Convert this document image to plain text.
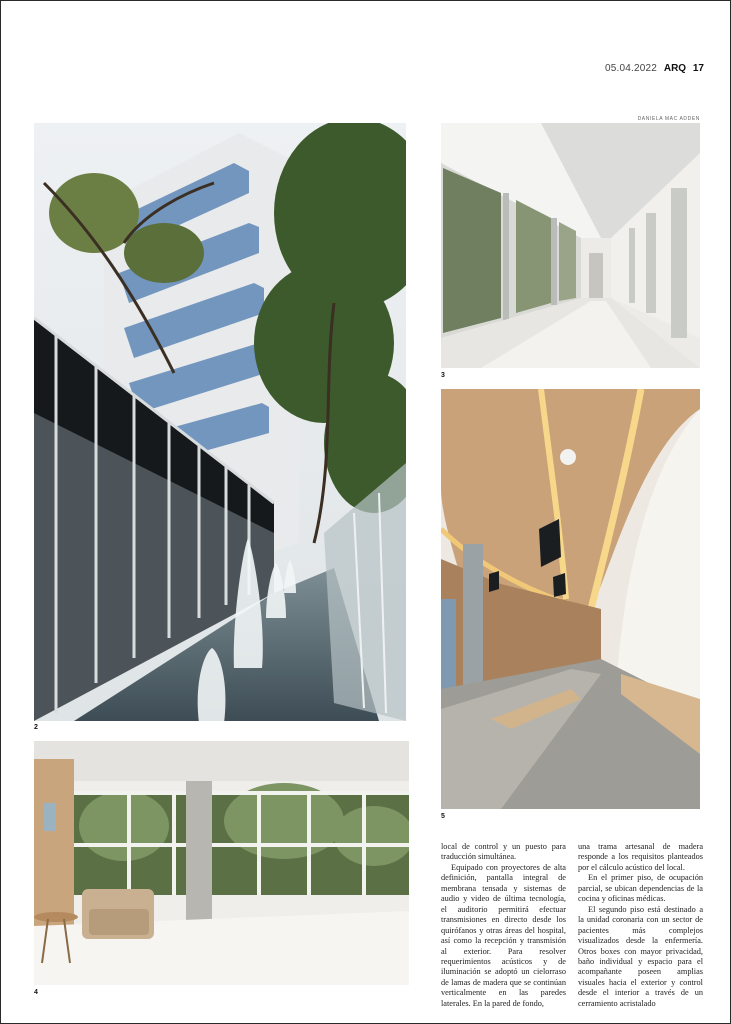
05.04.2022 ARQ 17
DANIELA MAC ADDEN
2
3
4
5

local de control y un puesto para traducción simultánea.

Equipado con proyectores de alta definición, pantalla integral de membrana tensada y sistemas de audio y video de última tecnología, el auditorio permitirá efectuar transmisiones en directo desde los quirófanos y otras áreas del hospital, así como la recepción y transmisión al exterior. Para resolver requerimientos acústicos y de iluminación se adoptó un cielorraso de lamas de madera que se continúan verticalmente en las paredes laterales. En la pared de fondo,

una trama artesanal de madera responde a los requisitos planteados por el cálculo acústico del local.

En el primer piso, de ocupación parcial, se ubican dependencias de la cocina y oficinas médicas.

El segundo piso está destinado a la unidad coronaria con un sector de pacientes más complejos visualizados desde la enfermería. Otros boxes con mayor privacidad, baño individual y espacio para el acompañante poseen amplias visuales hacia el exterior y control desde el interior a través de un cerramiento acristalado
